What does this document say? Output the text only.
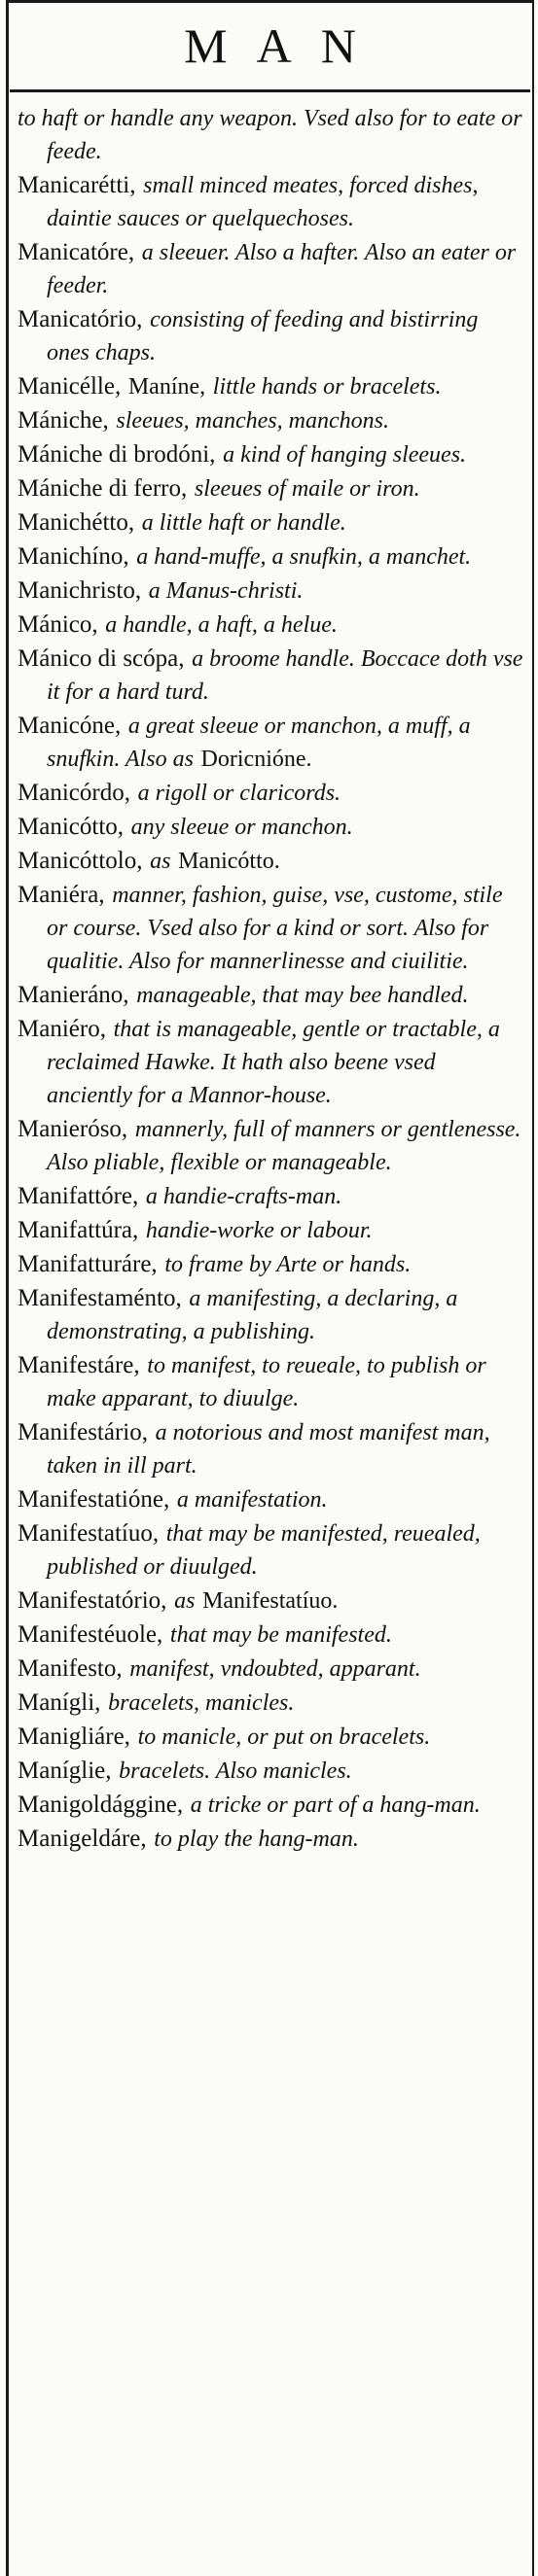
MAN
to haft or handle any weapon. Vsed also for to eate or feede.
Manicarétti, small minced meates, forced dishes, daintie sauces or quelquechoses.
Manicatóre, a sleeuer. Also a hafter. Also an eater or feeder.
Manicatório, consisting of feeding and bistirring ones chaps.
Manicélle, Maníne, little hands or bracelets.
Mániche, sleeues, manches, manchons.
Mániche di brodóni, a kind of hanging sleeues.
Mániche di ferro, sleeues of maile or iron.
Manichétto, a little haft or handle.
Manichíno, a hand-muffe, a snufkin, a manchet.
Manichristo, a Manus-christi.
Mánico, a handle, a haft, a helue.
Mánico di scópa, a broome handle. Boccace doth vse it for a hard turd.
Manicóne, a great sleeue or manchon, a muff, a snufkin. Also as Doricnióne.
Manicórdo, a rigoll or claricords.
Manicótto, any sleeue or manchon.
Manicóttolo, as Manicótto.
Maniéra, manner, fashion, guise, vse, custome, stile or course. Vsed also for a kind or sort. Also for qualitie. Also for mannerlinesse and ciuilitie.
Manieráno, manageable, that may bee handled.
Maniéro, that is manageable, gentle or tractable, a reclaimed Hawke. It hath also beene vsed anciently for a Mannor-house.
Manieróso, mannerly, full of manners or gentlenesse. Also pliable, flexible or manageable.
Manifattóre, a handie-crafts-man.
Manifattúra, handie-worke or labour.
Manifatturáre, to frame by Arte or hands.
Manifestaménto, a manifesting, a declaring, a demonstrating, a publishing.
Manifestáre, to manifest, to reueale, to publish or make apparant, to diuulge.
Manifestário, a notorious and most manifest man, taken in ill part.
Manifestatióne, a manifestation.
Manifestatíuo, that may be manifested, reuealed, published or diuulged.
Manifestatório, as Manifestatíuo.
Manifestéuole, that may be manifested.
Manifesto, manifest, vndoubted, apparant.
Manígli, bracelets, manicles.
Manigliáre, to manicle, or put on bracelets.
Maníglie, bracelets. Also manicles.
Manigoldággine, a tricke or part of a hang-man.
Manigeldáre, to play the hang-man.
